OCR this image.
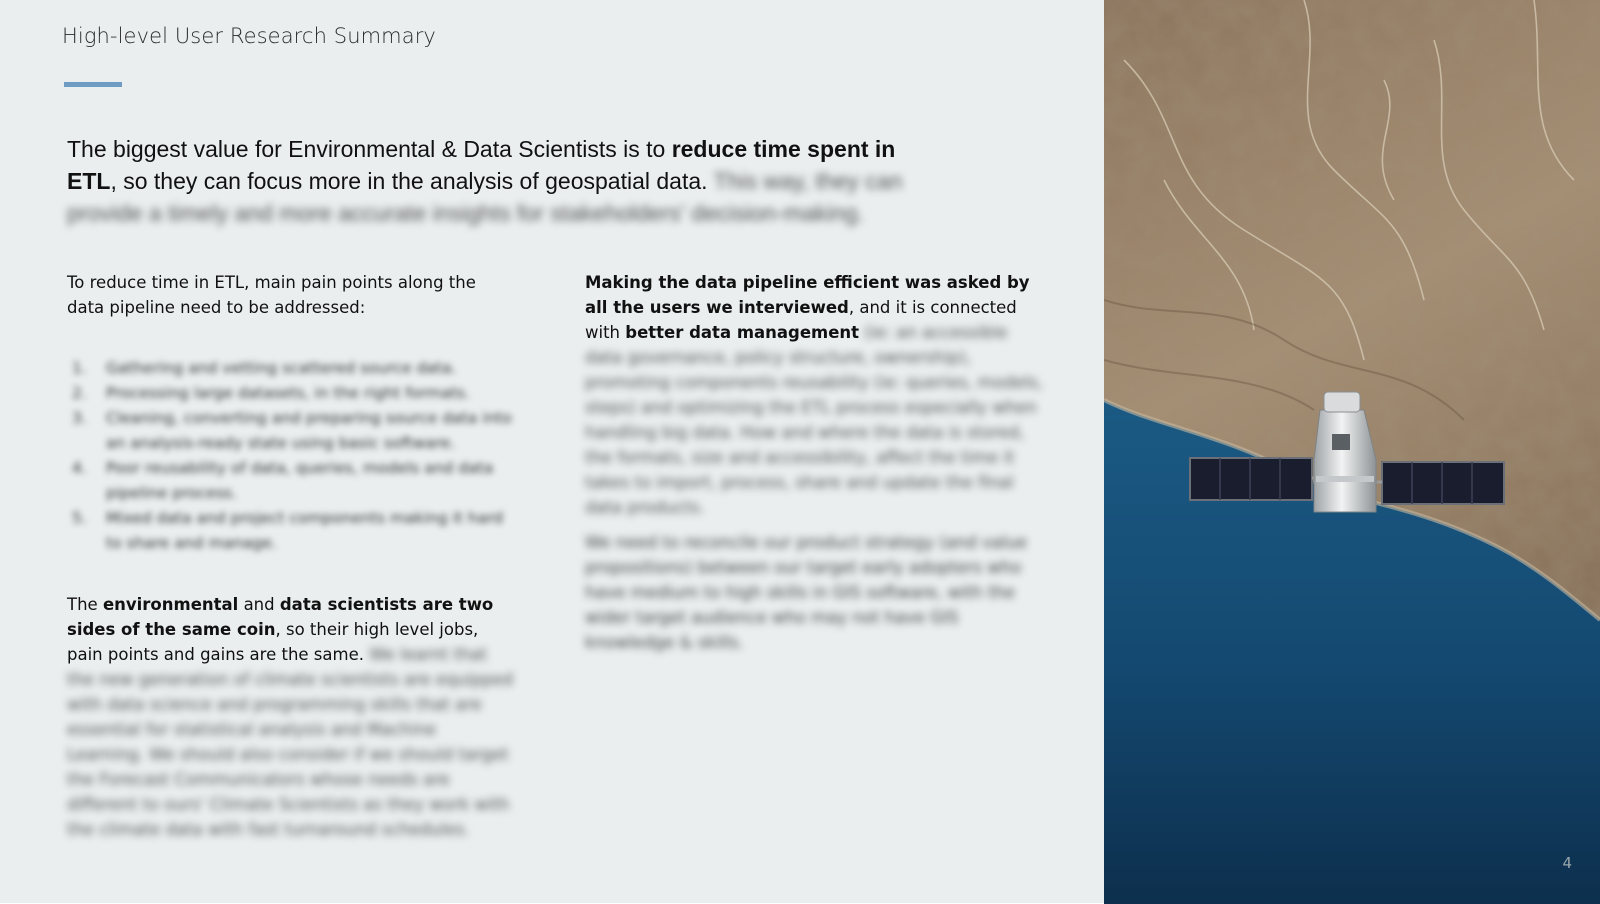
High-level User Research Summary
The biggest value for Environmental & Data Scientists is to reduce time spent in ETL, so they can focus more in the analysis of geospatial data. This way, they can provide a timely and more accurate insights for stakeholders' decision-making.
To reduce time in ETL, main pain points along the data pipeline need to be addressed:
1.	Gathering and vetting scattered source data.
2.	Processing large datasets, in the right formats.
3.	Cleaning, converting and preparing source data into an analysis-ready state using basic software.
4.	Poor reusability of data, queries, models and data pipeline process.
5.	Mixed data and project components making it hard to share and manage.
The environmental and data scientists are two sides of the same coin, so their high level jobs, pain points and gains are the same. We learnt that the new generation of climate scientists are equipped with data science and programming skills that are essential for statistical analysis and Machine Learning. We should also consider if we should target the Forecast Communicators whose needs are different to ours' Climate Scientists as they work with the climate data with fast turnaround schedules.
Making the data pipeline efficient was asked by all the users we interviewed, and it is connected with better data management (ie: an accessible data governance, policy structure, ownership), promoting components reusability (ie: queries, models, steps) and optimizing the ETL process especially when handling big data. How and where the data is stored, the formats, size and accessibility, affect the time it takes to import, process, share and update the final data products.
We need to reconcile our product strategy (and value propositions) between our target early adopters who have medium to high skills in GIS software, with the wider target audience who may not have GIS knowledge & skills.
4
